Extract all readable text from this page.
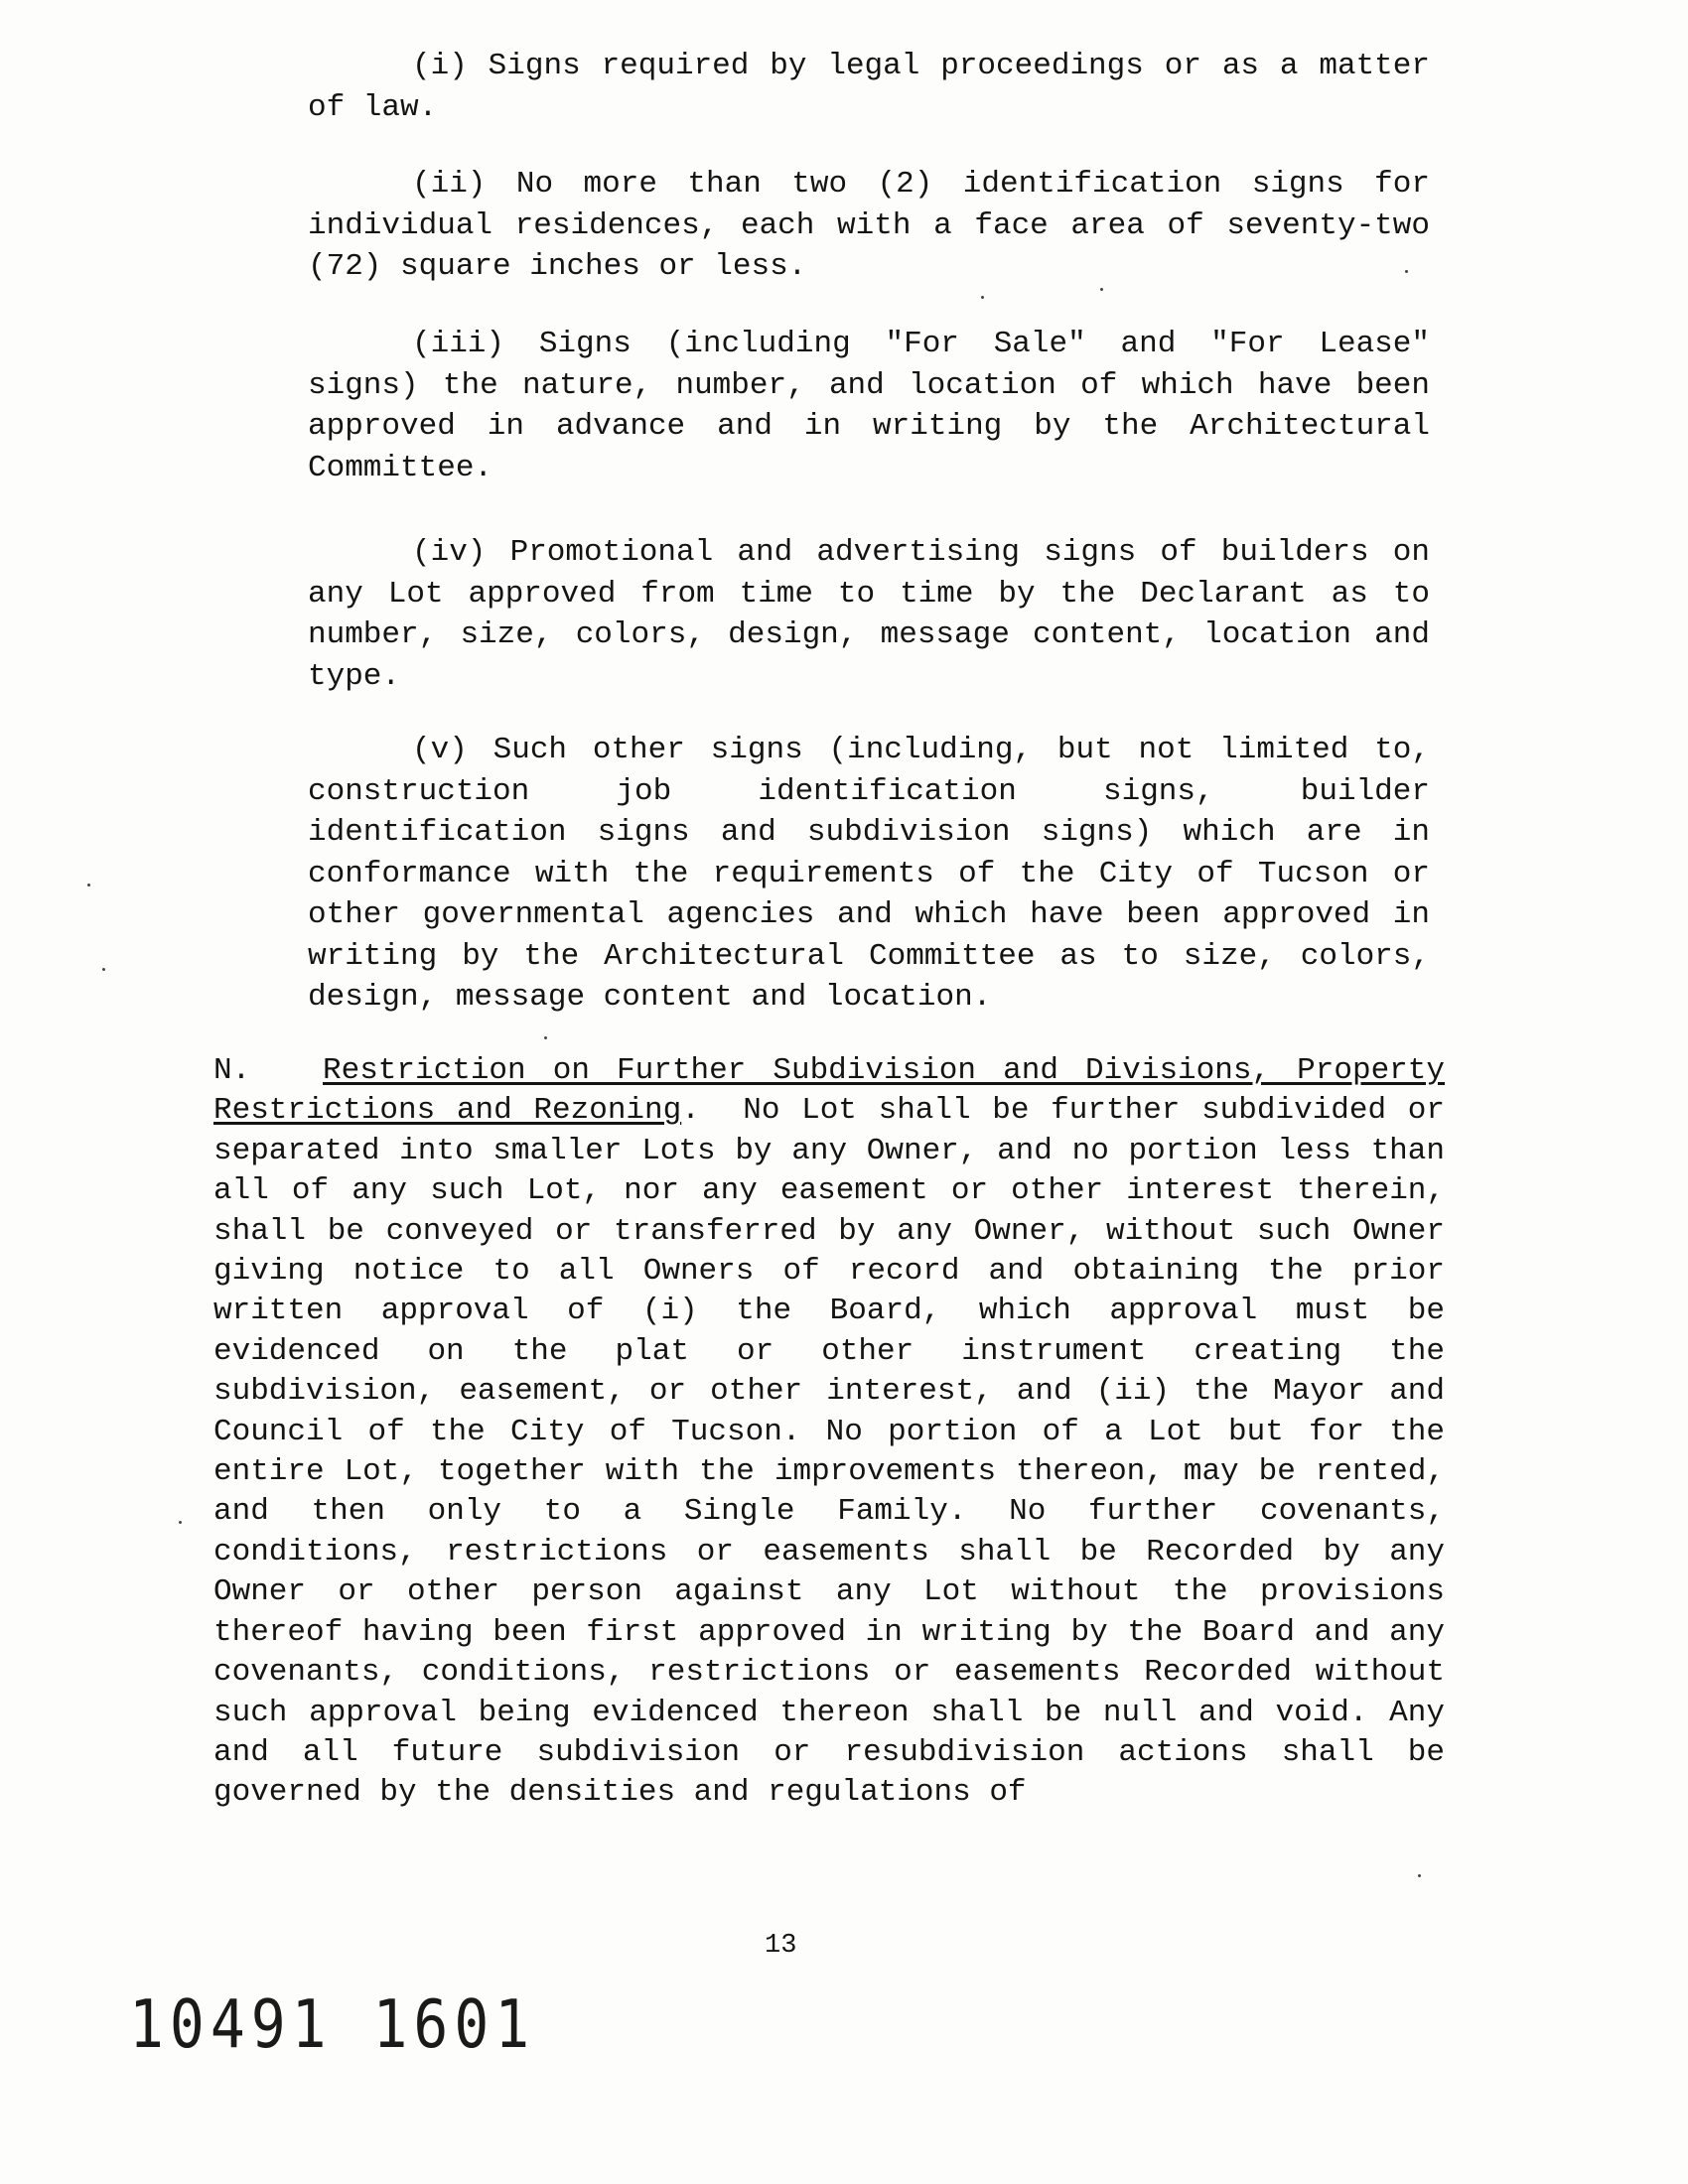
(i) Signs required by legal proceedings or as a matter of law.

(ii) No more than two (2) identification signs for individual residences, each with a face area of seventy-two (72) square inches or less.

(iii) Signs (including "For Sale" and "For Lease" signs) the nature, number, and location of which have been approved in advance and in writing by the Architectural Committee.

(iv) Promotional and advertising signs of builders on any Lot approved from time to time by the Declarant as to number, size, colors, design, message content, location and type.

(v) Such other signs (including, but not limited to, construction job identification signs, builder identification signs and subdivision signs) which are in conformance with the requirements of the City of Tucson or other governmental agencies and which have been approved in writing by the Architectural Committee as to size, colors, design, message content and location.

N. Restriction on Further Subdivision and Divisions, Property Restrictions and Rezoning. No Lot shall be further subdivided or separated into smaller Lots by any Owner, and no portion less than all of any such Lot, nor any easement or other interest therein, shall be conveyed or transferred by any Owner, without such Owner giving notice to all Owners of record and obtaining the prior written approval of (i) the Board, which approval must be evidenced on the plat or other instrument creating the subdivision, easement, or other interest, and (ii) the Mayor and Council of the City of Tucson. No portion of a Lot but for the entire Lot, together with the improvements thereon, may be rented, and then only to a Single Family. No further covenants, conditions, restrictions or easements shall be Recorded by any Owner or other person against any Lot without the provisions thereof having been first approved in writing by the Board and any covenants, conditions, restrictions or easements Recorded without such approval being evidenced thereon shall be null and void. Any and all future subdivision or resubdivision actions shall be governed by the densities and regulations of

13
10491 1601
